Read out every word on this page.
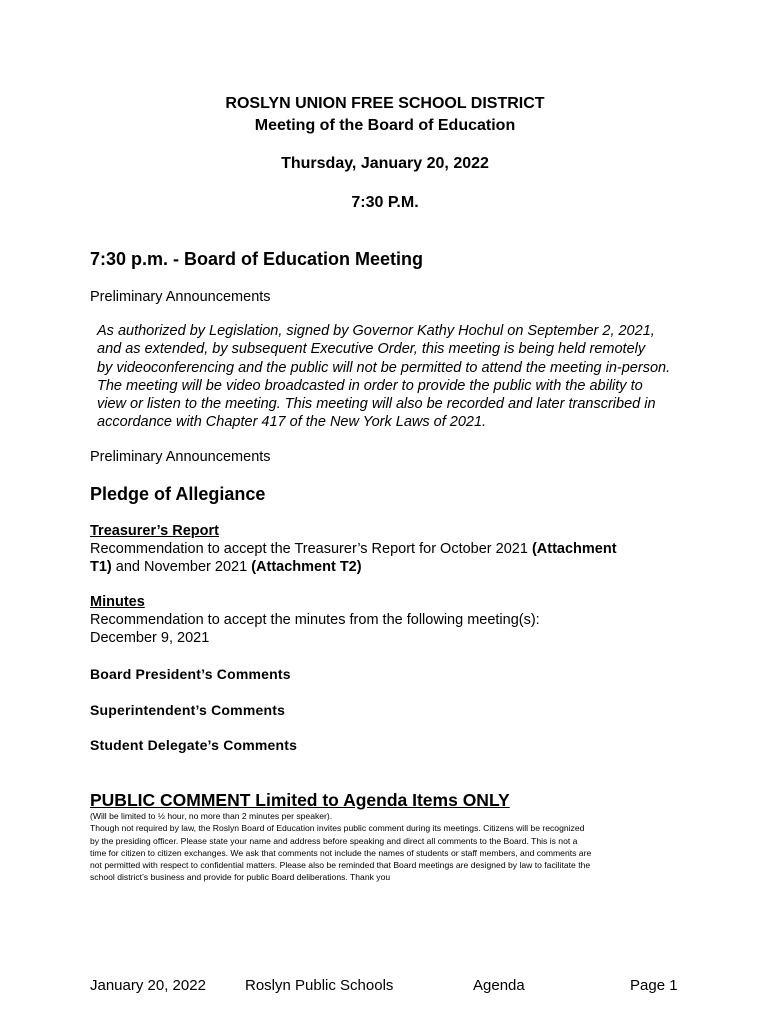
ROSLYN UNION FREE SCHOOL DISTRICT
Meeting of the Board of Education
Thursday, January 20, 2022
7:30 P.M.
7:30 p.m. - Board of Education Meeting
Preliminary Announcements
As authorized by Legislation, signed by Governor Kathy Hochul on September 2, 2021,
and as extended, by subsequent Executive Order, this meeting is being held remotely
by videoconferencing and the public will not be permitted to attend the meeting in-person.
The meeting will be video broadcasted in order to provide the public with the ability to
view or listen to the meeting. This meeting will also be recorded and later transcribed in
accordance with Chapter 417 of the New York Laws of 2021.
Preliminary Announcements
Pledge of Allegiance
Treasurer’s Report
Recommendation to accept the Treasurer’s Report for October 2021 (Attachment
T1) and November 2021 (Attachment T2)
Minutes
Recommendation to accept the minutes from the following meeting(s):
December 9, 2021
Board President’s Comments
Superintendent’s Comments
Student Delegate’s Comments
PUBLIC COMMENT Limited to Agenda Items ONLY
(Will be limited to ½ hour, no more than 2 minutes per speaker).
Though not required by law, the Roslyn Board of Education invites public comment during its meetings. Citizens will be recognized
by the presiding officer. Please state your name and address before speaking and direct all comments to the Board. This is not a
time for citizen to citizen exchanges. We ask that comments not include the names of students or staff members, and comments are
not permitted with respect to confidential matters. Please also be reminded that Board meetings are designed by law to facilitate the
school district’s business and provide for public Board deliberations. Thank you
January 20, 2022	Roslyn Public Schools	Agenda	Page 1
